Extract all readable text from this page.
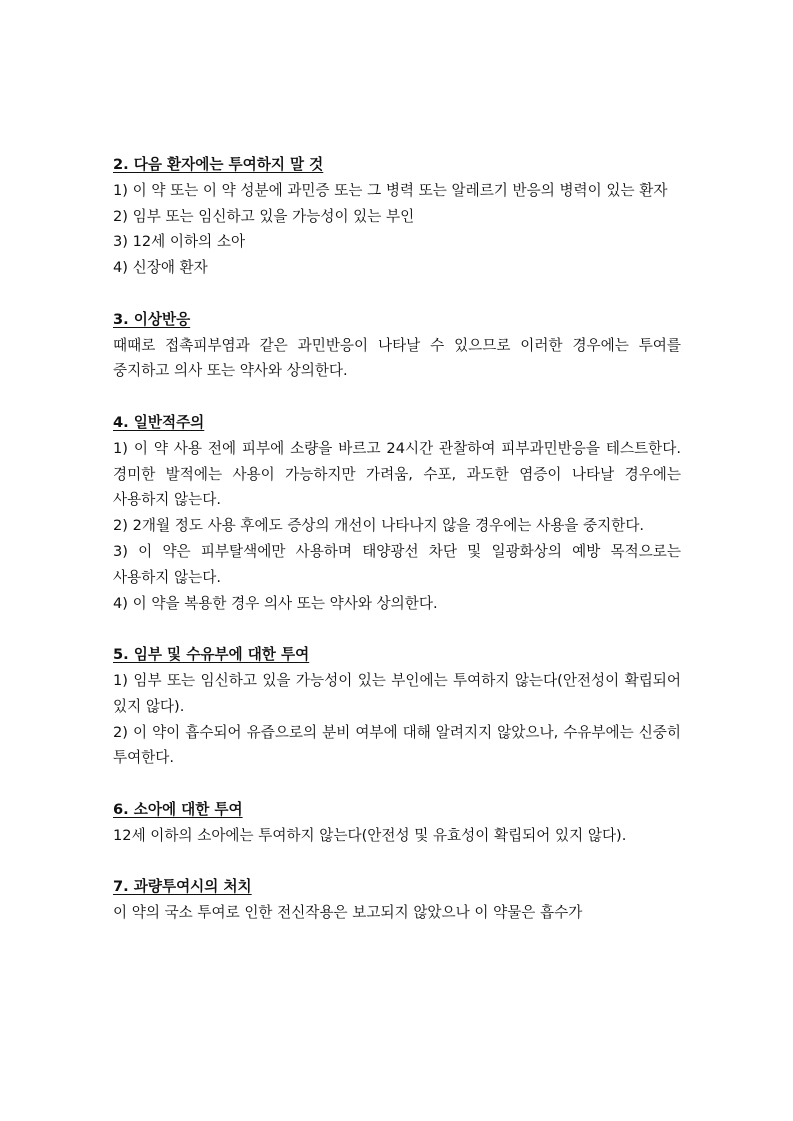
2. 다음 환자에는 투여하지 말 것

1) 이 약 또는 이 약 성분에 과민증 또는 그 병력 또는 알레르기 반응의 병력이 있는 환자

2) 임부 또는 임신하고 있을 가능성이 있는 부인

3) 12세 이하의 소아

4) 신장애 환자

3. 이상반응

때때로 접촉피부염과 같은 과민반응이 나타날 수 있으므로 이러한 경우에는 투여를 중지하고 의사 또는 약사와 상의한다.

4. 일반적주의

1) 이 약 사용 전에 피부에 소량을 바르고 24시간 관찰하여 피부과민반응을 테스트한다. 경미한 발적에는 사용이 가능하지만 가려움, 수포, 과도한 염증이 나타날 경우에는 사용하지 않는다.

2) 2개월 정도 사용 후에도 증상의 개선이 나타나지 않을 경우에는 사용을 중지한다.

3) 이 약은 피부탈색에만 사용하며 태양광선 차단 및 일광화상의 예방 목적으로는 사용하지 않는다.

4) 이 약을 복용한 경우 의사 또는 약사와 상의한다.

5. 임부 및 수유부에 대한 투여

1) 임부 또는 임신하고 있을 가능성이 있는 부인에는 투여하지 않는다(안전성이 확립되어 있지 않다).

2) 이 약이 흡수되어 유즙으로의 분비 여부에 대해 알려지지 않았으나, 수유부에는 신중히 투여한다.

6. 소아에 대한 투여

12세 이하의 소아에는 투여하지 않는다(안전성 및 유효성이 확립되어 있지 않다).

7. 과량투여시의 처치

이 약의 국소 투여로 인한 전신작용은 보고되지 않았으나 이 약물은 흡수가
